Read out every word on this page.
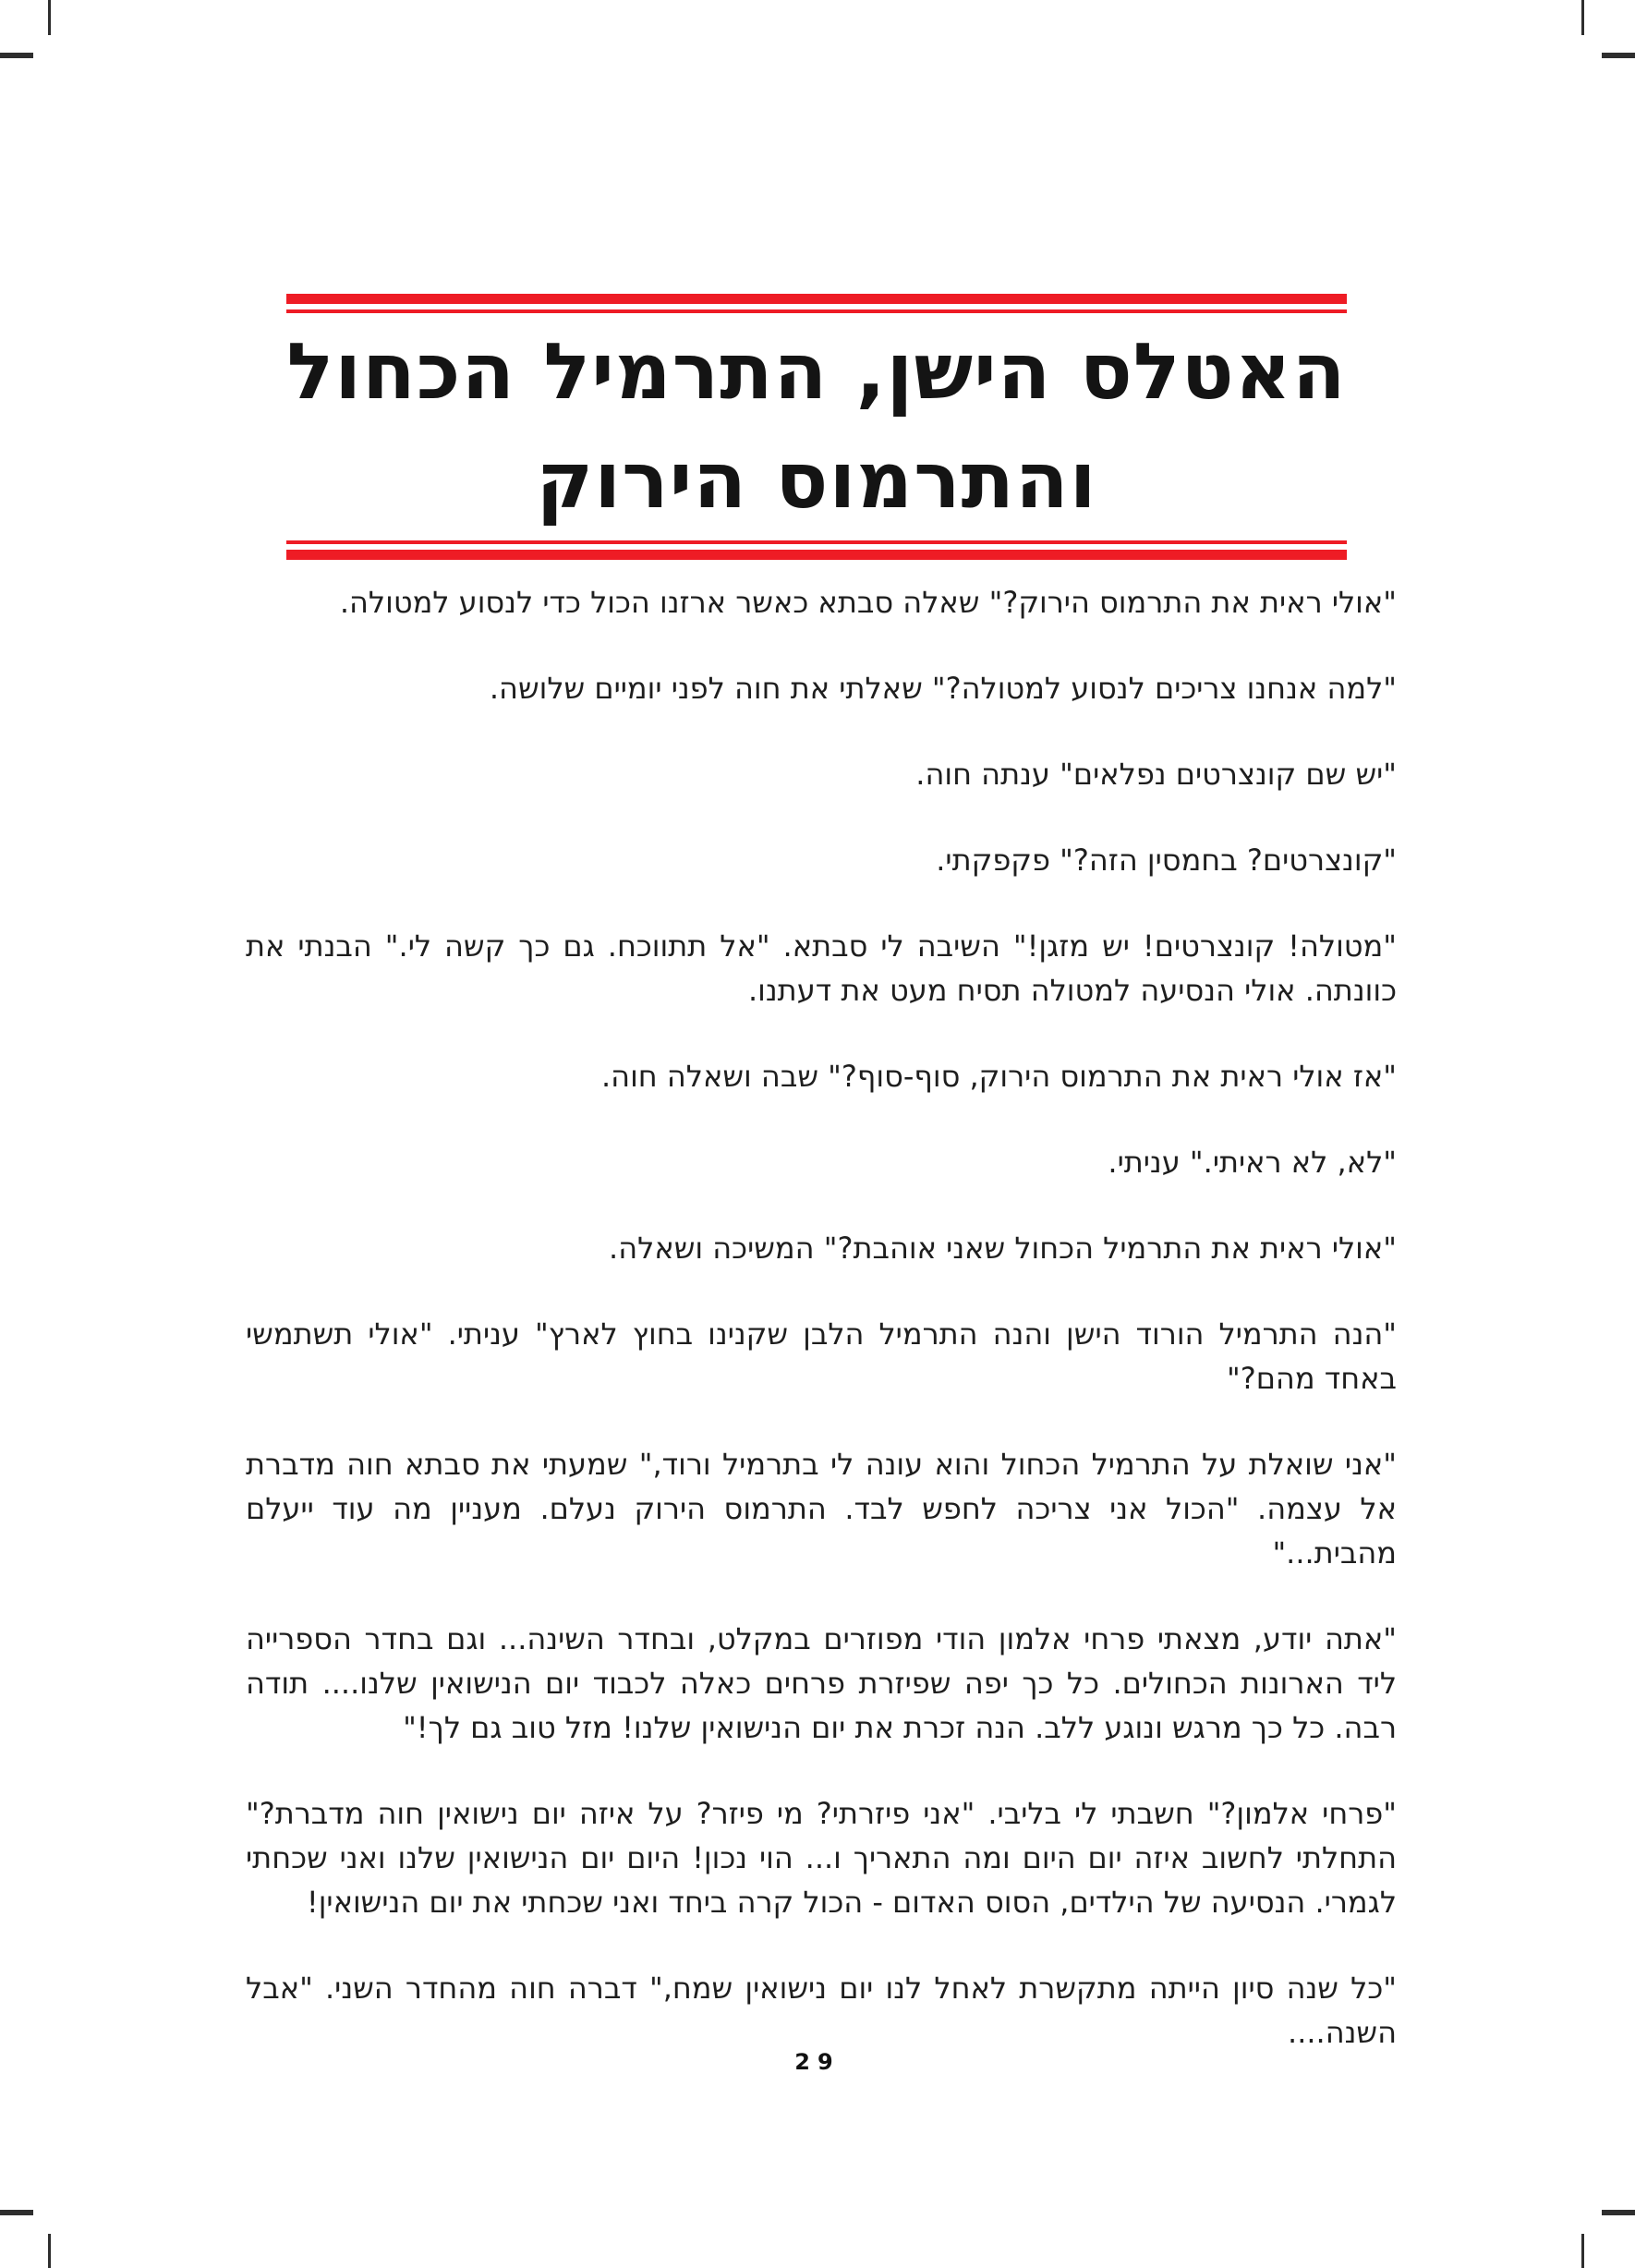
האטלס הישן, התרמיל הכחול
והתרמוס הירוק

"אולי ראית את התרמוס הירוק?" שאלה סבתא כאשר ארזנו הכול כדי לנסוע למטולה.

"למה אנחנו צריכים לנסוע למטולה?" שאלתי את חוה לפני יומיים שלושה.

"יש שם קונצרטים נפלאים" ענתה חוה.

"קונצרטים? בחמסין הזה?" פקפקתי.

"מטולה! קונצרטים! יש מזגן!" השיבה לי סבתא. "אל תתווכח. גם כך קשה לי." הבנתי את כוונתה. אולי הנסיעה למטולה תסיח מעט את דעתנו.

"אז אולי ראית את התרמוס הירוק, סוף-סוף?" שבה ושאלה חוה.

"לא, לא ראיתי." עניתי.

"אולי ראית את התרמיל הכחול שאני אוהבת?" המשיכה ושאלה.

"הנה התרמיל הורוד הישן והנה התרמיל הלבן שקנינו בחוץ לארץ" עניתי. "אולי תשתמשי באחד מהם?"

"אני שואלת על התרמיל הכחול והוא עונה לי בתרמיל ורוד," שמעתי את סבתא חוה מדברת אל עצמה. "הכול אני צריכה לחפש לבד. התרמוס הירוק נעלם. מעניין מה עוד ייעלם מהבית..."

"אתה יודע, מצאתי פרחי אלמון הודי מפוזרים במקלט, ובחדר השינה... וגם בחדר הספרייה ליד הארונות הכחולים. כל כך יפה שפיזרת פרחים כאלה לכבוד יום הנישואין שלנו.... תודה רבה. כל כך מרגש ונוגע ללב. הנה זכרת את יום הנישואין שלנו! מזל טוב גם לך!"

"פרחי אלמון?" חשבתי לי בליבי. "אני פיזרתי? מי פיזר? על איזה יום נישואין חוה מדברת?" התחלתי לחשוב איזה יום היום ומה התאריך ו... הוי נכון! היום יום הנישואין שלנו ואני שכחתי לגמרי. הנסיעה של הילדים, הסוס האדום - הכול קרה ביחד ואני שכחתי את יום הנישואין!

"כל שנה סיון הייתה מתקשרת לאחל לנו יום נישואין שמח," דברה חוה מהחדר השני. "אבל השנה....

29
